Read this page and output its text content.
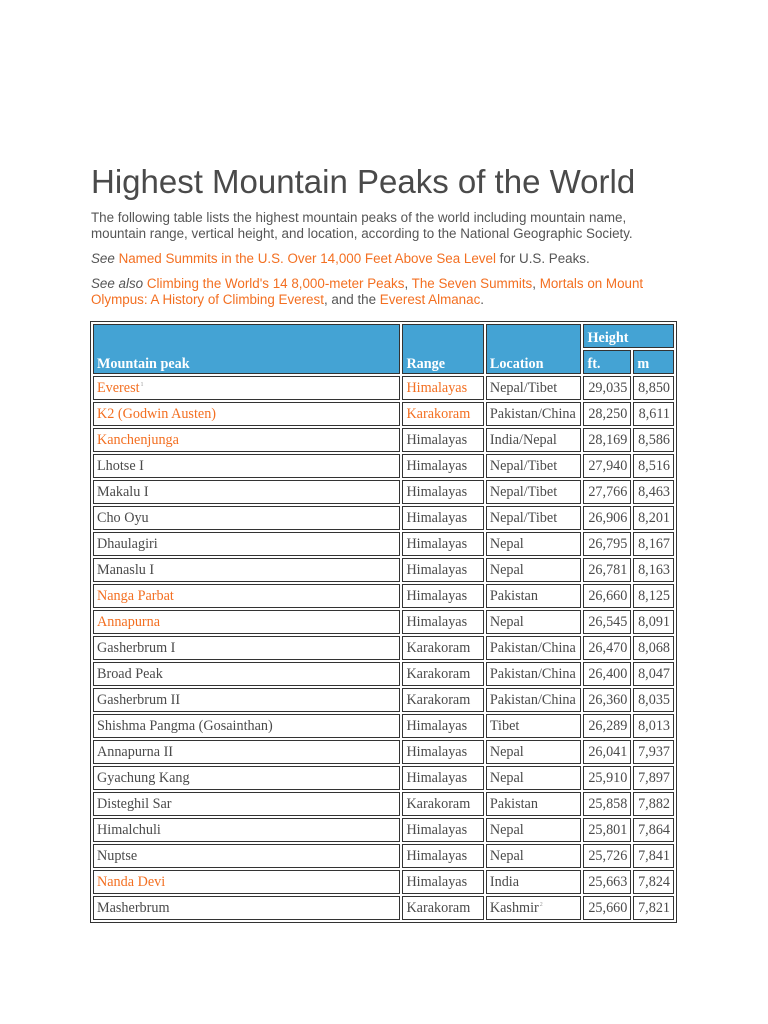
Highest Mountain Peaks of the World

The following table lists the highest mountain peaks of the world including mountain name, mountain range, vertical height, and location, according to the National Geographic Society.

See Named Summits in the U.S. Over 14,000 Feet Above Sea Level for U.S. Peaks.

See also Climbing the World's 14 8,000-meter Peaks, The Seven Summits, Mortals on Mount Olympus: A History of Climbing Everest, and the Everest Almanac.

Mountain peak	Range	Location	Height	
			ft.	m
Everest$^1$	Himalayas	Nepal/Tibet	29,035	8,850
K2 (Godwin Austen)	Karakoram	Pakistan/China	28,250	8,611
Kanchenjunga	Himalayas	India/Nepal	28,169	8,586
Lhotse I	Himalayas	Nepal/Tibet	27,940	8,516
Makalu I	Himalayas	Nepal/Tibet	27,766	8,463
Cho Oyu	Himalayas	Nepal/Tibet	26,906	8,201
Dhaulagiri	Himalayas	Nepal	26,795	8,167
Manaslu I	Himalayas	Nepal	26,781	8,163
Nanga Parbat	Himalayas	Pakistan	26,660	8,125
Annapurna	Himalayas	Nepal	26,545	8,091
Gasherbrum I	Karakoram	Pakistan/China	26,470	8,068
Broad Peak	Karakoram	Pakistan/China	26,400	8,047
Gasherbrum II	Karakoram	Pakistan/China	26,360	8,035
Shishma Pangma (Gosainthan)	Himalayas	Tibet	26,289	8,013
Annapurna II	Himalayas	Nepal	26,041	7,937
Gyachung Kang	Himalayas	Nepal	25,910	7,897
Disteghil Sar	Karakoram	Pakistan	25,858	7,882
Himalchuli	Himalayas	Nepal	25,801	7,864
Nuptse	Himalayas	Nepal	25,726	7,841
Nanda Devi	Himalayas	India	25,663	7,824
Masherbrum	Karakoram	Kashmir$^2$	25,660	7,821
